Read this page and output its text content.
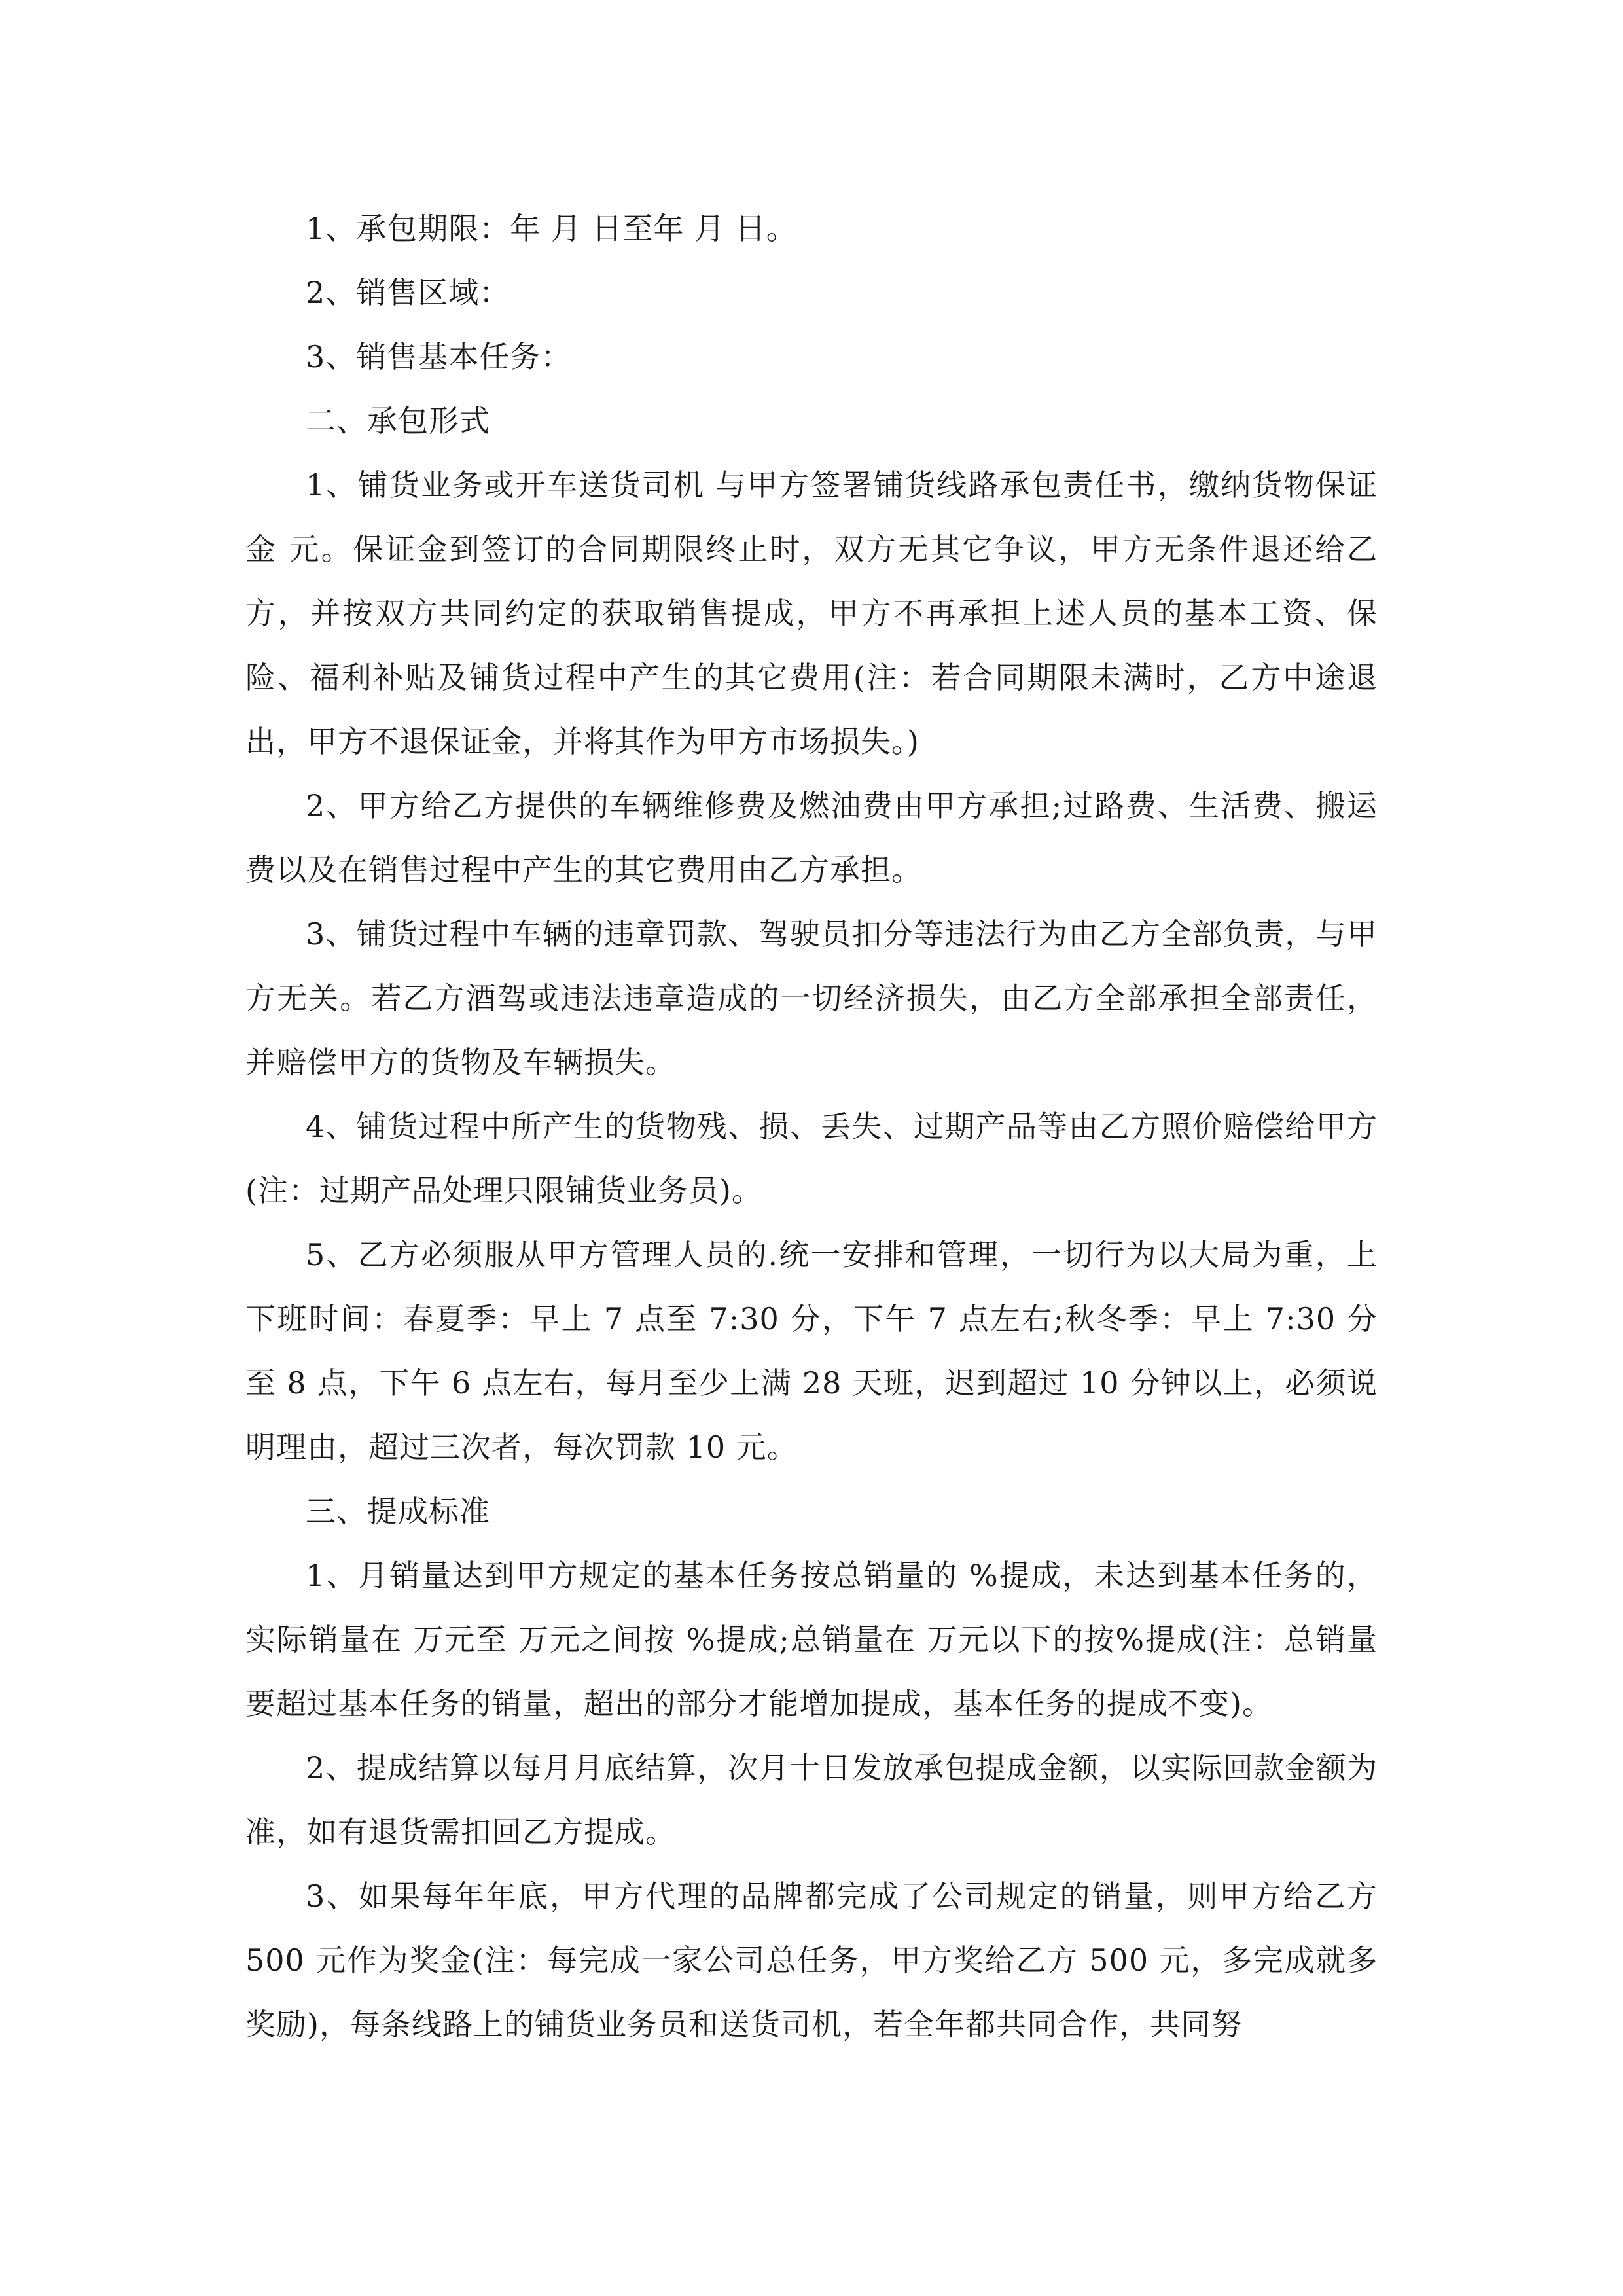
1、承包期限：年 月 日至年 月 日。

2、销售区域：

3、销售基本任务：

二、承包形式

1、铺货业务或开车送货司机 与甲方签署铺货线路承包责任书，缴纳货物保证金 元。保证金到签订的合同期限终止时，双方无其它争议，甲方无条件退还给乙方，并按双方共同约定的获取销售提成，甲方不再承担上述人员的基本工资、保险、福利补贴及铺货过程中产生的其它费用(注：若合同期限未满时，乙方中途退出，甲方不退保证金，并将其作为甲方市场损失。)

2、甲方给乙方提供的车辆维修费及燃油费由甲方承担;过路费、生活费、搬运费以及在销售过程中产生的其它费用由乙方承担。

3、铺货过程中车辆的违章罚款、驾驶员扣分等违法行为由乙方全部负责，与甲方无关。若乙方酒驾或违法违章造成的一切经济损失，由乙方全部承担全部责任，并赔偿甲方的货物及车辆损失。

4、铺货过程中所产生的货物残、损、丢失、过期产品等由乙方照价赔偿给甲方(注：过期产品处理只限铺货业务员)。

5、乙方必须服从甲方管理人员的.统一安排和管理，一切行为以大局为重，上下班时间：春夏季：早上 7 点至 7:30 分，下午 7 点左右;秋冬季：早上 7:30 分至 8 点，下午 6 点左右，每月至少上满 28 天班，迟到超过 10 分钟以上，必须说明理由，超过三次者，每次罚款 10 元。

三、提成标准

1、月销量达到甲方规定的基本任务按总销量的 %提成，未达到基本任务的，实际销量在 万元至 万元之间按 %提成;总销量在 万元以下的按%提成(注：总销量要超过基本任务的销量，超出的部分才能增加提成，基本任务的提成不变)。

2、提成结算以每月月底结算，次月十日发放承包提成金额，以实际回款金额为准，如有退货需扣回乙方提成。

3、如果每年年底，甲方代理的品牌都完成了公司规定的销量，则甲方给乙方 500 元作为奖金(注：每完成一家公司总任务，甲方奖给乙方 500 元，多完成就多奖励)，每条线路上的铺货业务员和送货司机，若全年都共同合作，共同努
